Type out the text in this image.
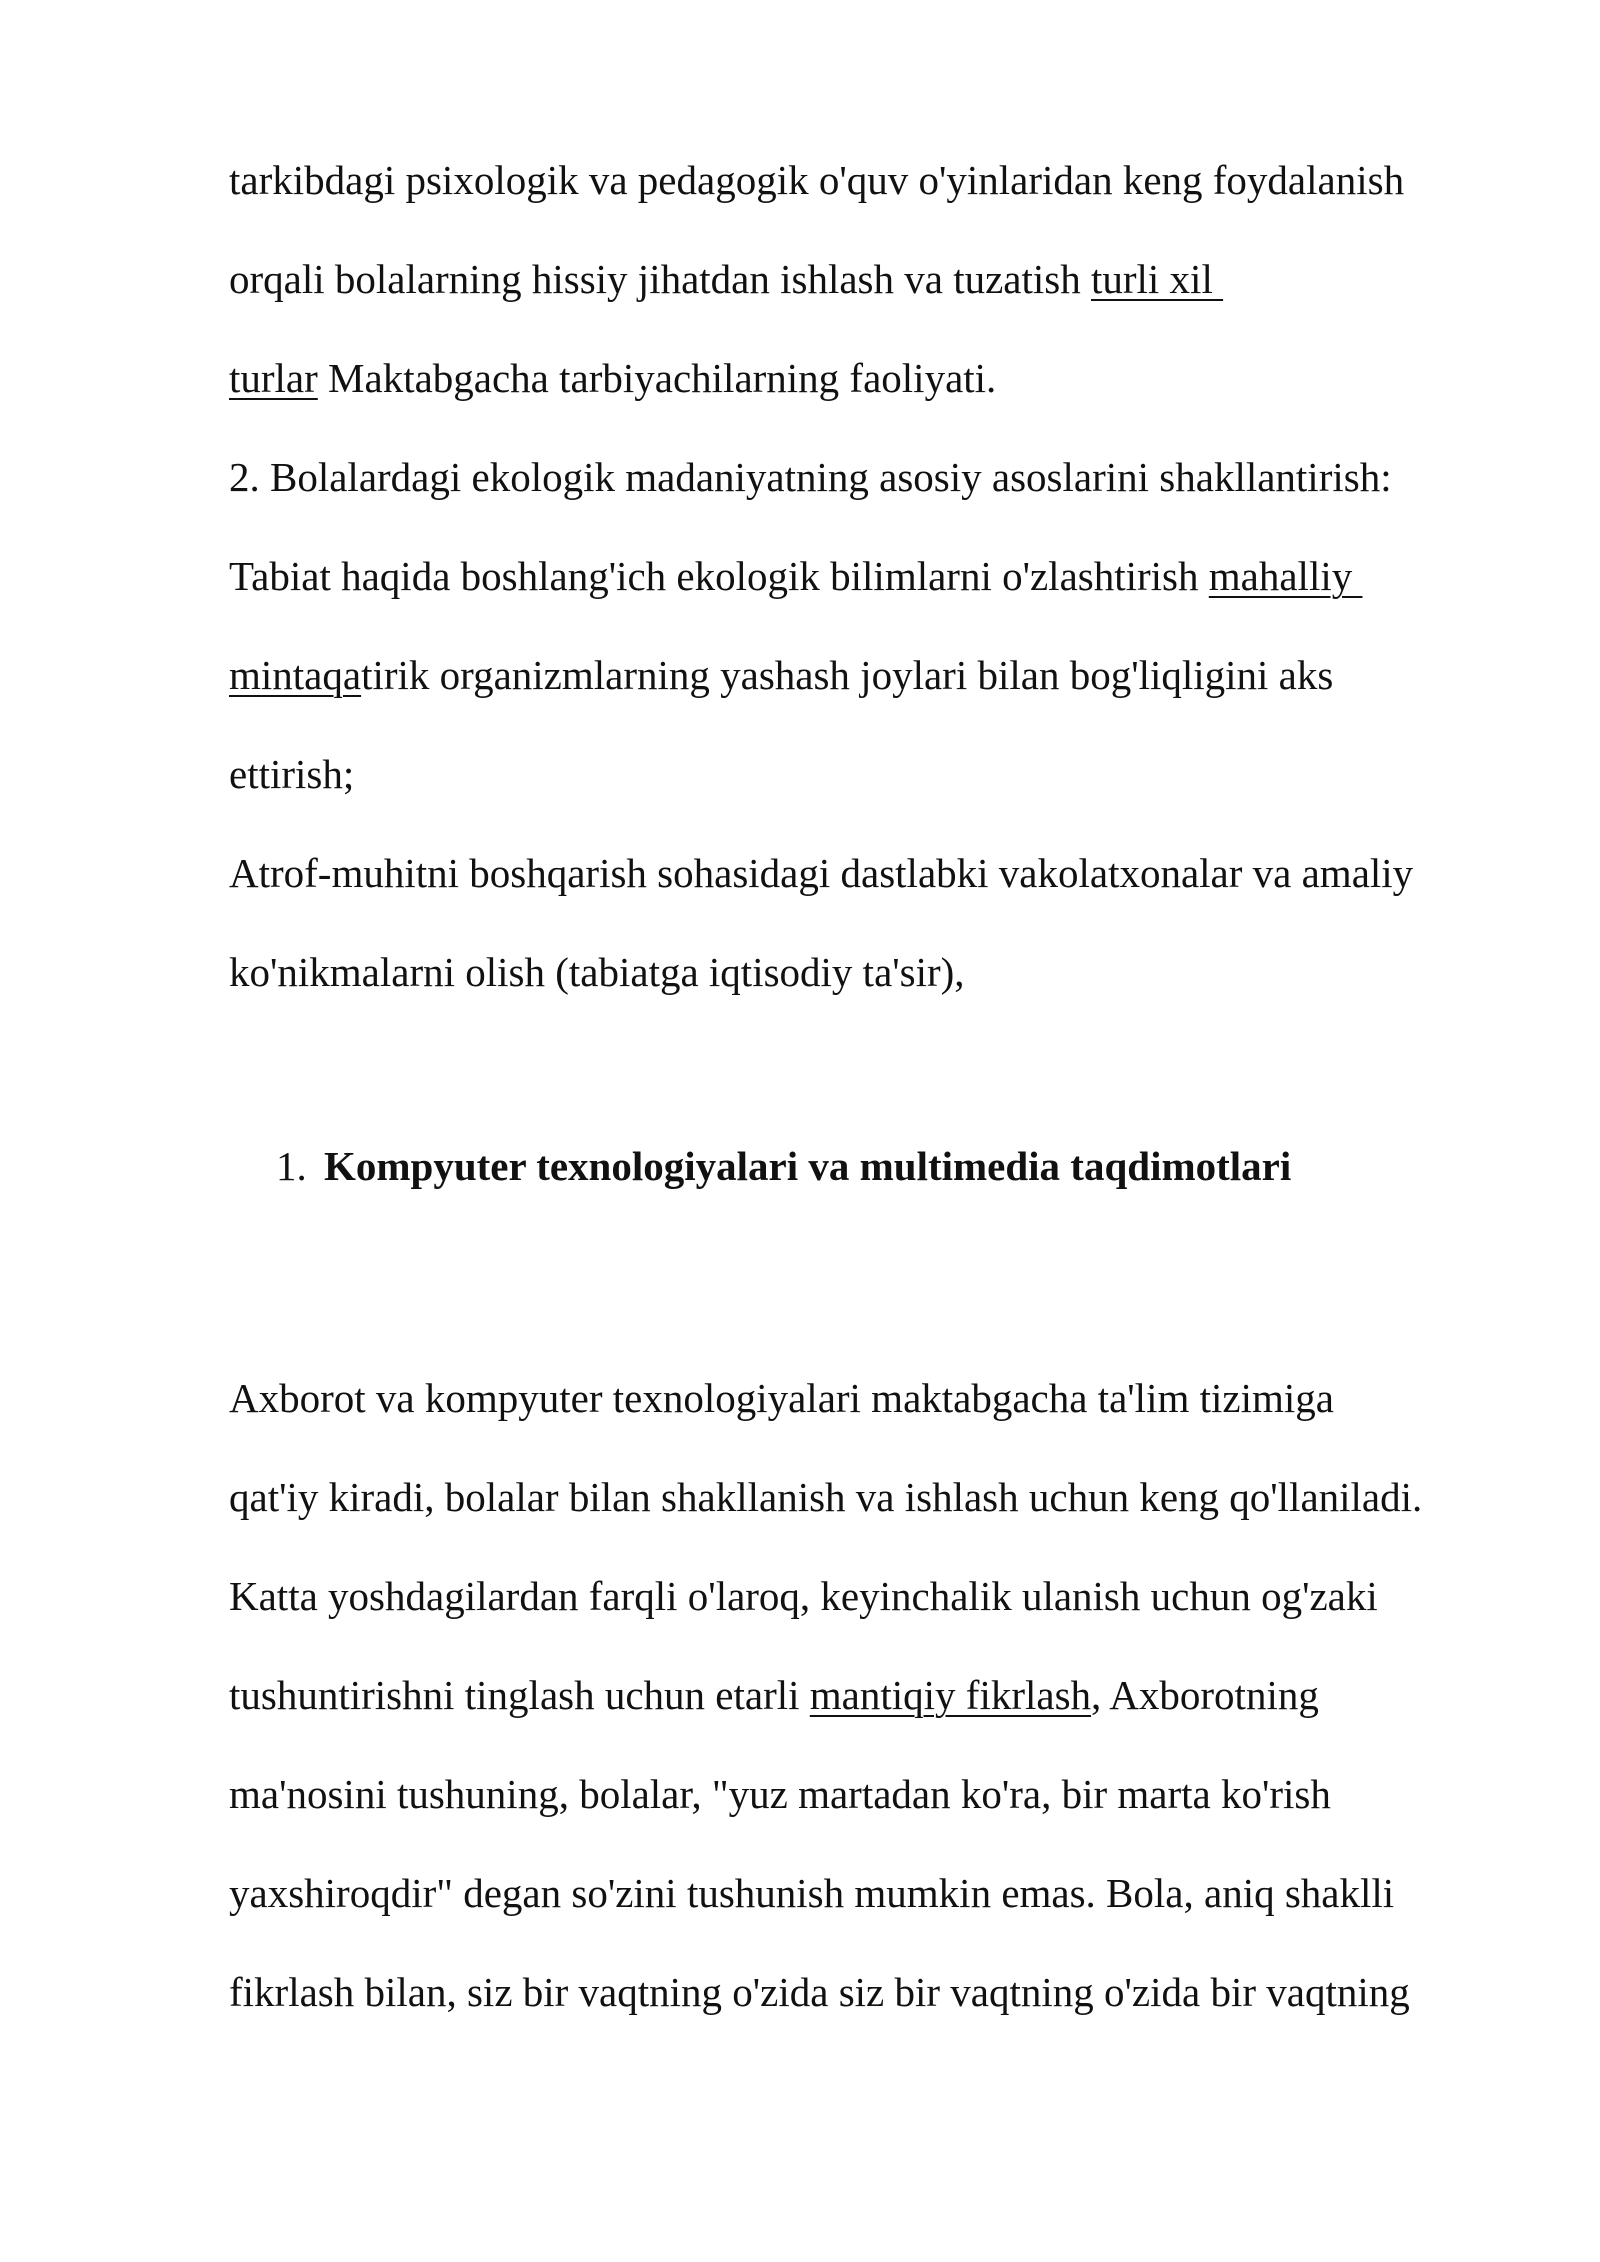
tarkibdagi psixologik va pedagogik o'quv o'yinlaridan keng foydalanish
orqali bolalarning hissiy jihatdan ishlash va tuzatish turli xil
turlar Maktabgacha tarbiyachilarning faoliyati.
2. Bolalardagi ekologik madaniyatning asosiy asoslarini shakllantirish:
Tabiat haqida boshlang'ich ekologik bilimlarni o'zlashtirish mahalliy
mintaqatirik organizmlarning yashash joylari bilan bog'liqligini aks
ettirish;
Atrof-muhitni boshqarish sohasidagi dastlabki vakolatxonalar va amaliy
ko'nikmalarni olish (tabiatga iqtisodiy ta'sir),
1. Kompyuter texnologiyalari va multimedia taqdimotlari
Axborot va kompyuter texnologiyalari maktabgacha ta'lim tizimiga
qat'iy kiradi, bolalar bilan shakllanish va ishlash uchun keng qo'llaniladi.
Katta yoshdagilardan farqli o'laroq, keyinchalik ulanish uchun og'zaki
tushuntirishni tinglash uchun etarli mantiqiy fikrlash, Axborotning
ma'nosini tushuning, bolalar, "yuz martadan ko'ra, bir marta ko'rish
yaxshiroqdir" degan so'zini tushunish mumkin emas. Bola, aniq shaklli
fikrlash bilan, siz bir vaqtning o'zida siz bir vaqtning o'zida bir vaqtning
